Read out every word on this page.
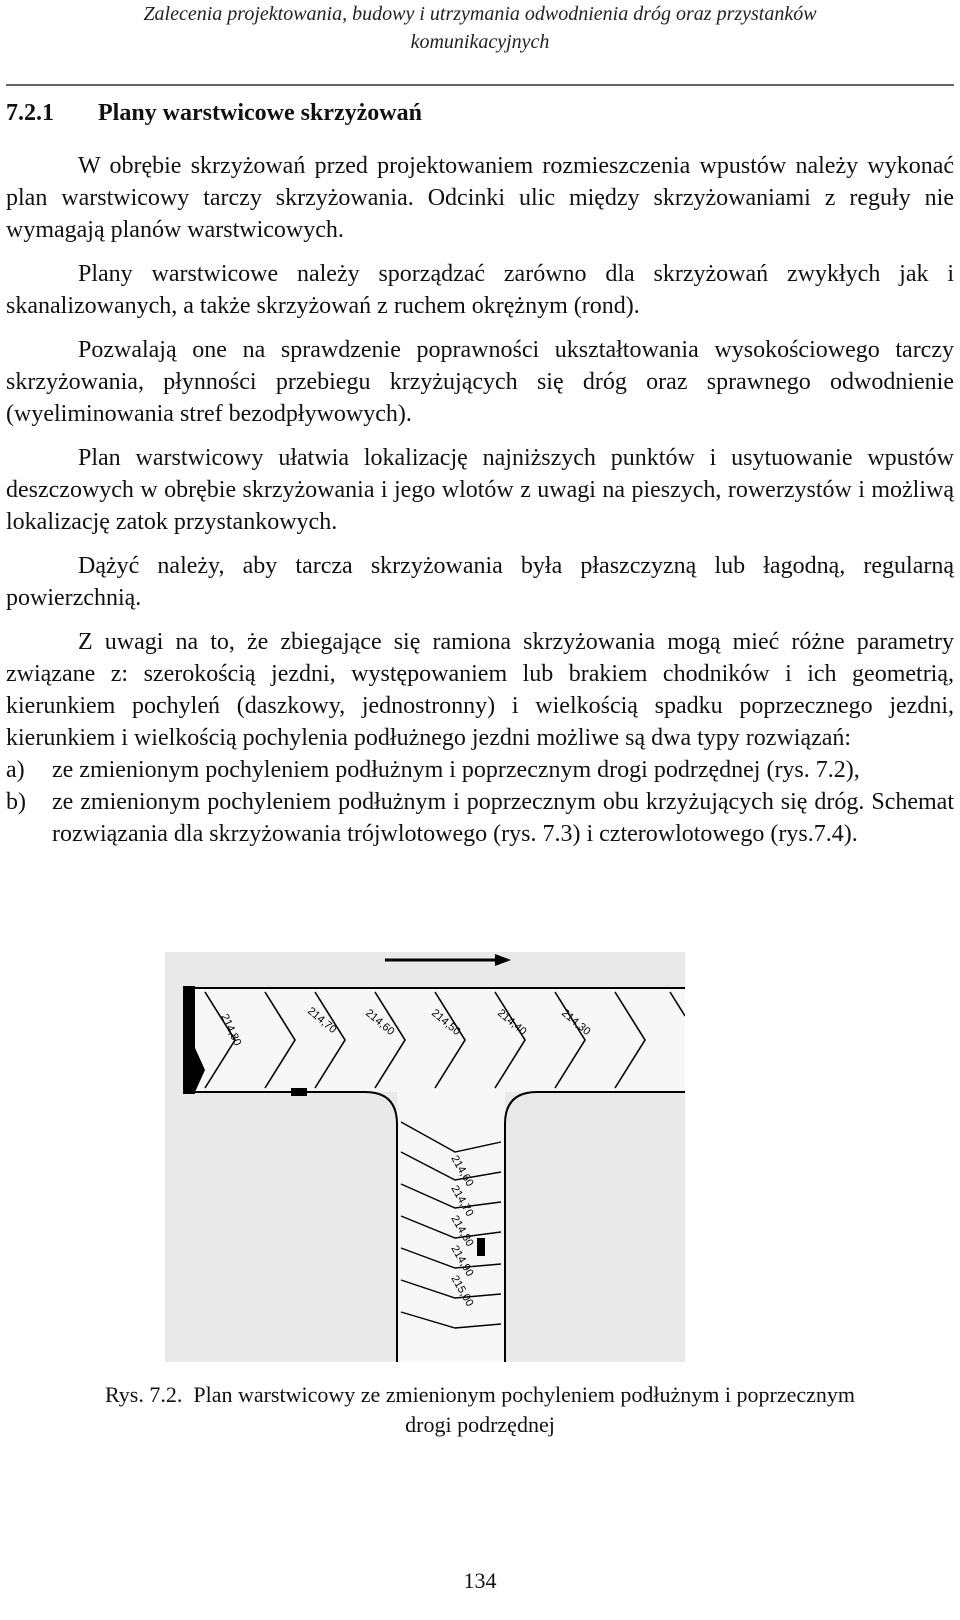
Zalecenia projektowania, budowy i utrzymania odwodnienia dróg oraz przystanków
komunikacyjnych
7.2.1 Plany warstwicowe skrzyżowań

W obrębie skrzyżowań przed projektowaniem rozmieszczenia wpustów należy wykonać plan warstwicowy tarczy skrzyżowania. Odcinki ulic między skrzyżowaniami z reguły nie wymagają planów warstwicowych.

Plany warstwicowe należy sporządzać zarówno dla skrzyżowań zwykłych jak i skanalizowanych, a także skrzyżowań z ruchem okrężnym (rond).

Pozwalają one na sprawdzenie poprawności ukształtowania wysokościowego tarczy skrzyżowania, płynności przebiegu krzyżujących się dróg oraz sprawnego odwodnienie (wyeliminowania stref bezodpływowych).

Plan warstwicowy ułatwia lokalizację najniższych punktów i usytuowanie wpustów deszczowych w obrębie skrzyżowania i jego wlotów z uwagi na pieszych, rowerzystów i możliwą lokalizację zatok przystankowych.

Dążyć należy, aby tarcza skrzyżowania była płaszczyzną lub łagodną, regularną powierzchnią.

Z uwagi na to, że zbiegające się ramiona skrzyżowania mogą mieć różne parametry związane z: szerokością jezdni, występowaniem lub brakiem chodników i ich geometrią, kierunkiem pochyleń (daszkowy, jednostronny) i wielkością spadku poprzecznego jezdni, kierunkiem i wielkością pochylenia podłużnego jezdni możliwe są dwa typy rozwiązań:

a) ze zmienionym pochyleniem podłużnym i poprzecznym drogi podrzędnej (rys. 7.2),
b) ze zmienionym pochyleniem podłużnym i poprzecznym obu krzyżujących się dróg. Schemat rozwiązania dla skrzyżowania trójwlotowego (rys. 7.3) i czterowlotowego (rys.7.4).
214,80	214,70 214,60	214,50	214,40	214,30
214,60
214,70
214,80
214,90
215,00
Rys. 7.2. Plan warstwicowy ze zmienionym pochyleniem podłużnym i poprzecznym
drogi podrzędnej
134
